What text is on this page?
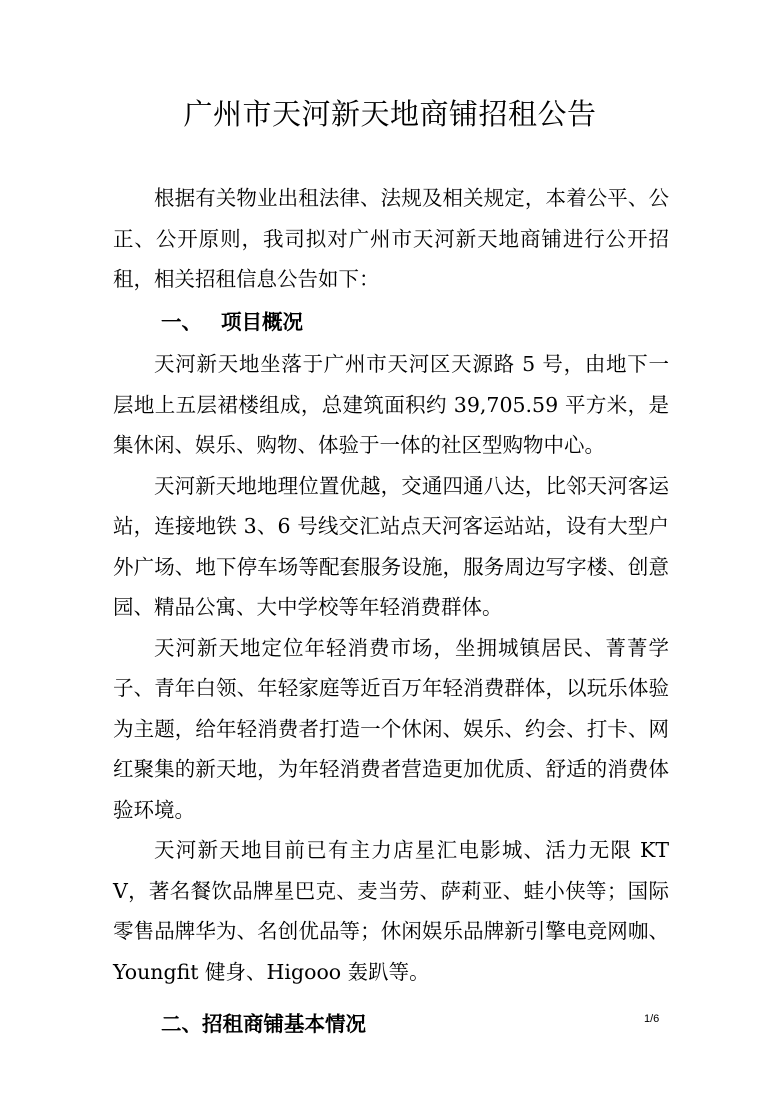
广州市天河新天地商铺招租公告

根据有关物业出租法律、法规及相关规定，本着公平、公正、公开原则，我司拟对广州市天河新天地商铺进行公开招租，相关招租信息公告如下：

一、 项目概况

天河新天地坐落于广州市天河区天源路 5 号，由地下一层地上五层裙楼组成，总建筑面积约 39,705.59 平方米，是集休闲、娱乐、购物、体验于一体的社区型购物中心。

天河新天地地理位置优越，交通四通八达，比邻天河客运站，连接地铁 3、6 号线交汇站点天河客运站站，设有大型户外广场、地下停车场等配套服务设施，服务周边写字楼、创意园、精品公寓、大中学校等年轻消费群体。

天河新天地定位年轻消费市场，坐拥城镇居民、菁菁学子、青年白领、年轻家庭等近百万年轻消费群体，以玩乐体验为主题，给年轻消费者打造一个休闲、娱乐、约会、打卡、网红聚集的新天地，为年轻消费者营造更加优质、舒适的消费体验环境。

天河新天地目前已有主力店星汇电影城、活力无限 KTV，著名餐饮品牌星巴克、麦当劳、萨莉亚、蛙小侠等；国际零售品牌华为、名创优品等；休闲娱乐品牌新引擎电竞网咖、Youngfit 健身、Higooo 轰趴等。

二、招租商铺基本情况	1/6
